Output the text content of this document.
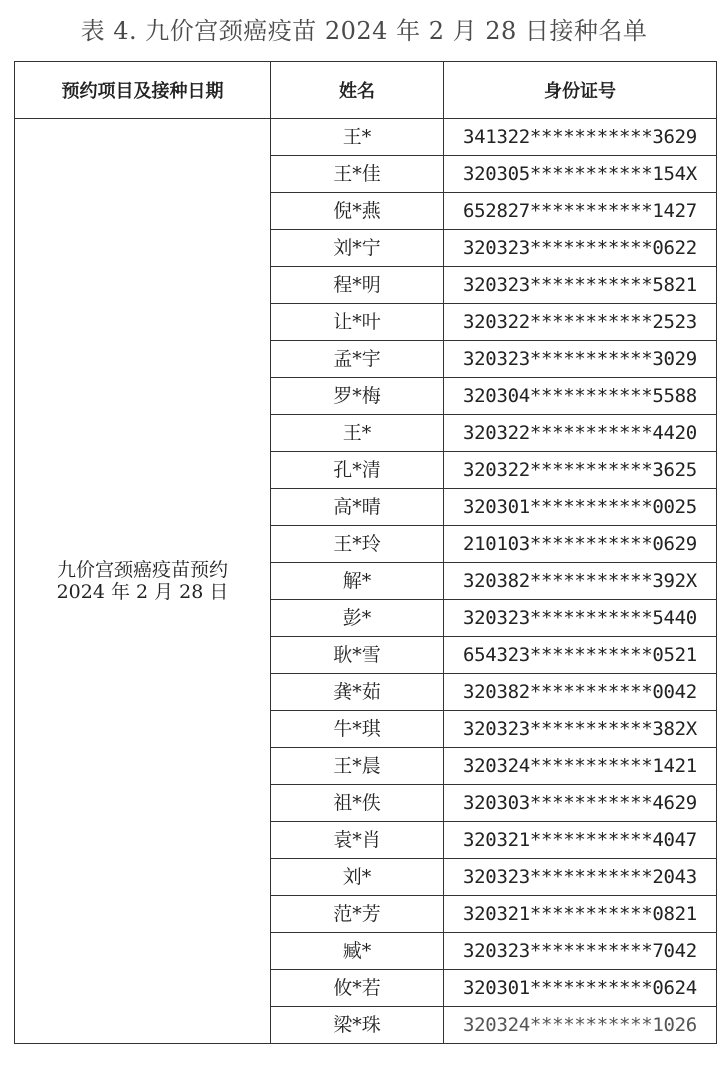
表 4. 九价宫颈癌疫苗 2024 年 2 月 28 日接种名单
预约项目及接种日期	姓名	身份证号

九价宫颈癌疫苗预约
2024 年 2 月 28 日	王*	341322***********3629
	王*佳	320305***********154X
	倪*燕	652827***********1427
	刘*宁	320323***********0622
	程*明	320323***********5821
	让*叶	320322***********2523
	孟*宇	320323***********3029
	罗*梅	320304***********5588
	王*	320322***********4420
	孔*清	320322***********3625
	高*晴	320301***********0025
	王*玲	210103***********0629
	解*	320382***********392X
	彭*	320323***********5440
	耿*雪	654323***********0521
	龚*茹	320382***********0042
	牛*琪	320323***********382X
	王*晨	320324***********1421
	祖*佚	320303***********4629
	袁*肖	320321***********4047
	刘*	320323***********2043
	范*芳	320321***********0821
	臧*	320323***********7042
	攸*若	320301***********0624
	梁*珠	320324***********1026
